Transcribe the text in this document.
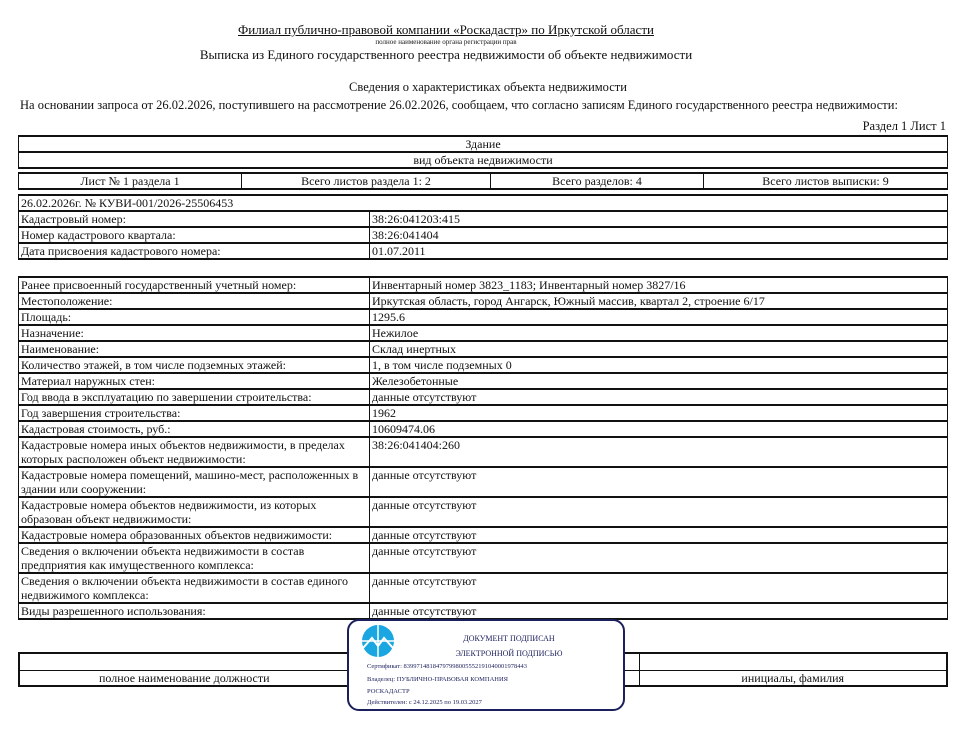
Филиал публично-правовой компании «Роскадастр» по Иркутской области
полное наименование органа регистрации прав
Выписка из Единого государственного реестра недвижимости об объекте недвижимости
Сведения о характеристиках объекта недвижимости
На основании запроса от 26.02.2026, поступившего на рассмотрение 26.02.2026, сообщаем, что согласно записям Единого государственного реестра недвижимости:
Раздел 1 Лист 1
Здание
вид объекта недвижимости
Лист № 1 раздела 1	Всего листов раздела 1: 2	Всего разделов: 4	Всего листов выписки: 9
26.02.2026г. № КУВИ-001/2026-25506453	
Кадастровый номер:	38:26:041203:415
Номер кадастрового квартала:	38:26:041404
Дата присвоения кадастрового номера:	01.07.2011
Ранее присвоенный государственный учетный номер:	Инвентарный номер 3823_1183; Инвентарный номер 3827/16
Местоположение:	Иркутская область, город Ангарск, Южный массив, квартал 2, строение 6/17
Площадь:	1295.6
Назначение:	Нежилое
Наименование:	Склад инертных
Количество этажей, в том числе подземных этажей:	1, в том числе подземных 0
Материал наружных стен:	Железобетонные
Год ввода в эксплуатацию по завершении строительства:	данные отсутствуют
Год завершения строительства:	1962
Кадастровая стоимость, руб.:	10609474.06
Кадастровые номера иных объектов недвижимости, в пределах которых расположен объект недвижимости:	38:26:041404:260
Кадастровые номера помещений, машино-мест, расположенных в здании или сооружении:	данные отсутствуют
Кадастровые номера объектов недвижимости, из которых образован объект недвижимости:	данные отсутствуют
Кадастровые номера образованных объектов недвижимости:	данные отсутствуют
Сведения о включении объекта недвижимости в состав предприятия как имущественного комплекса:	данные отсутствуют
Сведения о включении объекта недвижимости в состав единого недвижимого комплекса:	данные отсутствуют
Виды разрешенного использования:	данные отсутствуют

полное наименование должности		инициалы, фамилия
ДОКУМЕНТ ПОДПИСАН
ЭЛЕКТРОННОЙ ПОДПИСЬЮ
Сертификат: 839971481847979980055521910400019784​43
Владелец: ПУБЛИЧНО-ПРАВОВАЯ КОМПАНИЯ
РОСКАДАСТР
Действителен: с 24.12.2025 по 19.03.2027
